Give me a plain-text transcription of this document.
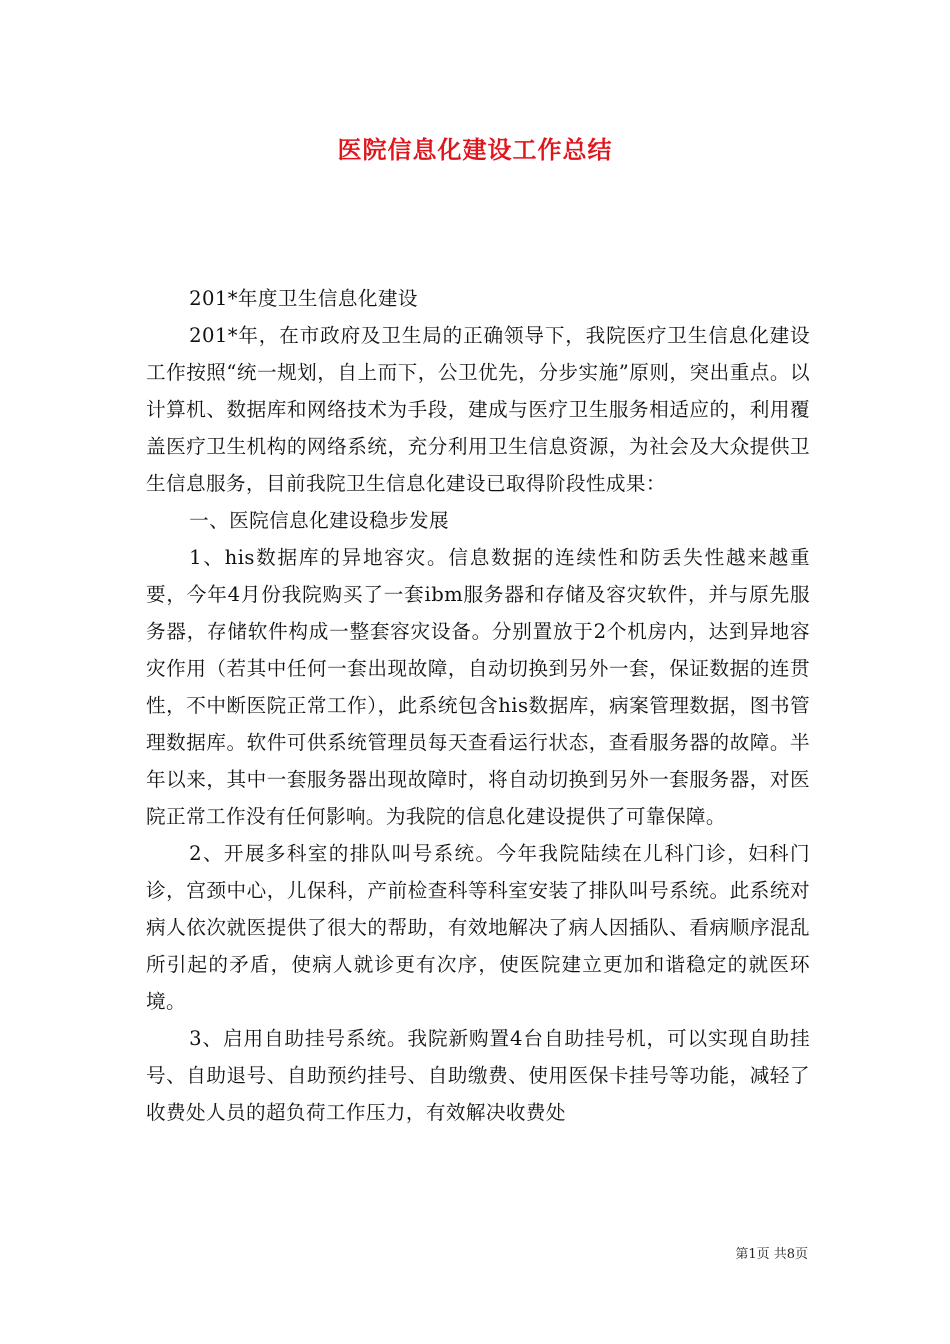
医院信息化建设工作总结

201*年度卫生信息化建设

201*年，在市政府及卫生局的正确领导下，我院医疗卫生信息化建设工作按照“统一规划，自上而下，公卫优先，分步实施”原则，突出重点。以计算机、数据库和网络技术为手段，建成与医疗卫生服务相适应的，利用覆盖医疗卫生机构的网络系统，充分利用卫生信息资源，为社会及大众提供卫生信息服务，目前我院卫生信息化建设已取得阶段性成果：

一、医院信息化建设稳步发展

1、his数据库的异地容灾。信息数据的连续性和防丢失性越来越重要，今年4月份我院购买了一套ibm服务器和存储及容灾软件，并与原先服务器，存储软件构成一整套容灾设备。分别置放于2个机房内，达到异地容灾作用（若其中任何一套出现故障，自动切换到另外一套，保证数据的连贯性，不中断医院正常工作），此系统包含his数据库，病案管理数据，图书管理数据库。软件可供系统管理员每天查看运行状态，查看服务器的故障。半年以来，其中一套服务器出现故障时，将自动切换到另外一套服务器，对医院正常工作没有任何影响。为我院的信息化建设提供了可靠保障。

2、开展多科室的排队叫号系统。今年我院陆续在儿科门诊，妇科门诊，宫颈中心，儿保科，产前检查科等科室安装了排队叫号系统。此系统对病人依次就医提供了很大的帮助，有效地解决了病人因插队、看病顺序混乱所引起的矛盾，使病人就诊更有次序，使医院建立更加和谐稳定的就医环境。

3、启用自助挂号系统。我院新购置4台自助挂号机，可以实现自助挂号、自助退号、自助预约挂号、自助缴费、使用医保卡挂号等功能，减轻了收费处人员的超负荷工作压力，有效解决收费处

第1页 共8页
